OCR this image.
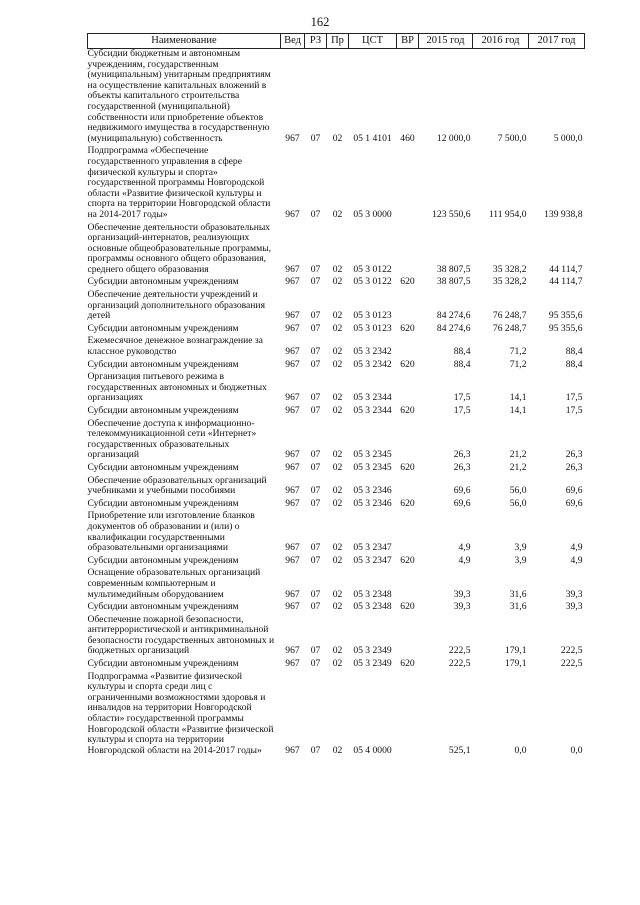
162
Наименование	Вед	РЗ	Пр	ЦСТ	ВР	2015 год	2016 год	2017 год
Субсидии бюджетным и автономным учреждениям, государственным (муниципальным) унитарным предприятиям на осуществление капитальных вложений в объекты капитального строительства государственной (муниципальной) собственности или приобретение объектов недвижимого имущества в государственную (муниципальную) собственность	967	07	02	05 1 4101	460	12 000,0	7 500,0	5 000,0
Подпрограмма «Обеспечение государственного управления в сфере физической культуры и спорта» государственной программы Новгородской области «Развитие физической культуры и спорта на территории Новгородской области на 2014-2017 годы»	967	07	02	05 3 0000		123 550,6	111 954,0	139 938,8
Обеспечение деятельности образовательных организаций-интернатов, реализующих основные общеобразовательные программы, программы основного общего образования, среднего общего образования	967	07	02	05 3 0122		38 807,5	35 328,2	44 114,7
Субсидии автономным учреждениям	967	07	02	05 3 0122	620	38 807,5	35 328,2	44 114,7
Обеспечение деятельности учреждений и организаций дополнительного образования детей	967	07	02	05 3 0123		84 274,6	76 248,7	95 355,6
Субсидии автономным учреждениям	967	07	02	05 3 0123	620	84 274,6	76 248,7	95 355,6
Ежемесячное денежное вознаграждение за классное руководство	967	07	02	05 3 2342		88,4	71,2	88,4
Субсидии автономным учреждениям	967	07	02	05 3 2342	620	88,4	71,2	88,4
Организация питьевого режима в государственных автономных и бюджетных организациях	967	07	02	05 3 2344		17,5	14,1	17,5
Субсидии автономным учреждениям	967	07	02	05 3 2344	620	17,5	14,1	17,5
Обеспечение доступа к информационно-телекоммуникационной сети «Интернет» государственных образовательных организаций	967	07	02	05 3 2345		26,3	21,2	26,3
Субсидии автономным учреждениям	967	07	02	05 3 2345	620	26,3	21,2	26,3
Обеспечение образовательных организаций учебниками и учебными пособиями	967	07	02	05 3 2346		69,6	56,0	69,6
Субсидии автономным учреждениям	967	07	02	05 3 2346	620	69,6	56,0	69,6
Приобретение или изготовление бланков документов об образовании и (или) о квалификации государственными образовательными организациями	967	07	02	05 3 2347		4,9	3,9	4,9
Субсидии автономным учреждениям	967	07	02	05 3 2347	620	4,9	3,9	4,9
Оснащение образовательных организаций современным компьютерным и мультимедийным оборудованием	967	07	02	05 3 2348		39,3	31,6	39,3
Субсидии автономным учреждениям	967	07	02	05 3 2348	620	39,3	31,6	39,3
Обеспечение пожарной безопасности, антитеррористической и антикриминальной безопасности государственных автономных и бюджетных организаций	967	07	02	05 3 2349		222,5	179,1	222,5
Субсидии автономным учреждениям	967	07	02	05 3 2349	620	222,5	179,1	222,5
Подпрограмма «Развитие физической культуры и спорта среди лиц с ограниченными возможностями здоровья и инвалидов на территории Новгородской области» государственной программы Новгородской области «Развитие физической культуры и спорта на территории Новгородской области на 2014-2017 годы»	967	07	02	05 4 0000		525,1	0,0	0,0
